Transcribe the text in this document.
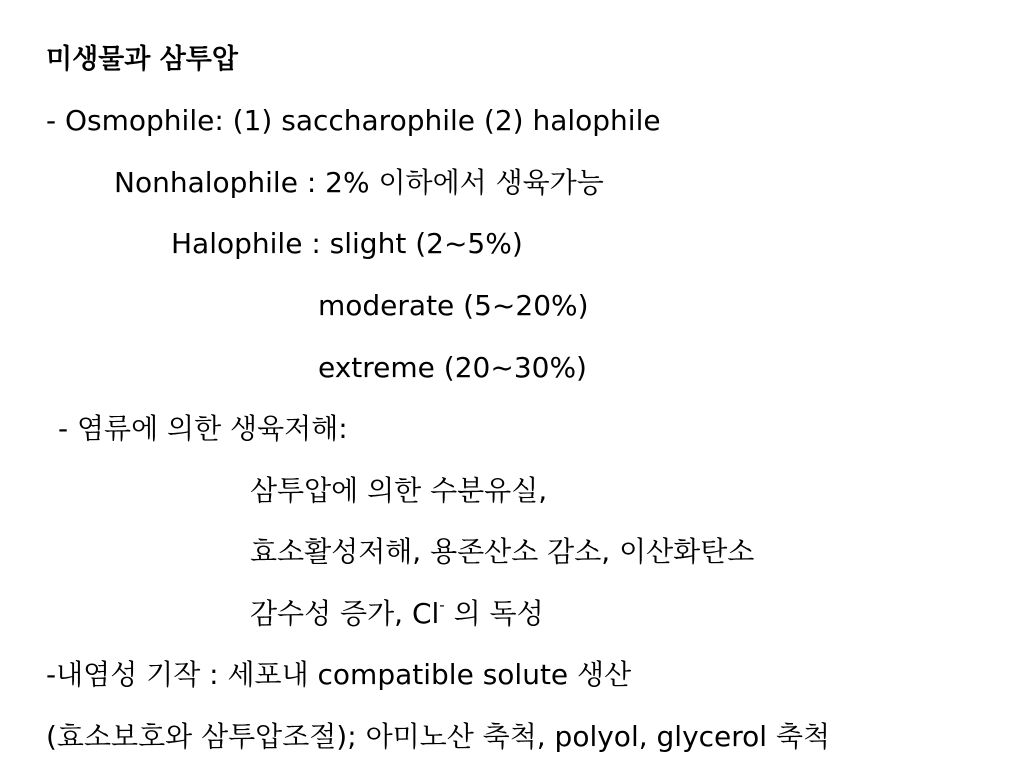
미생물과 삼투압
- Osmophile: (1) saccharophile (2) halophile
Nonhalophile : 2% 이하에서 생육가능
Halophile : slight (2~5%)
moderate (5~20%)
extreme (20~30%)
- 염류에 의한 생육저해:
삼투압에 의한 수분유실,
효소활성저해, 용존산소 감소, 이산화탄소
감수성 증가, Cl- 의 독성
-내염성 기작 : 세포내 compatible solute 생산
(효소보호와 삼투압조절); 아미노산 축척, polyol, glycerol 축척
